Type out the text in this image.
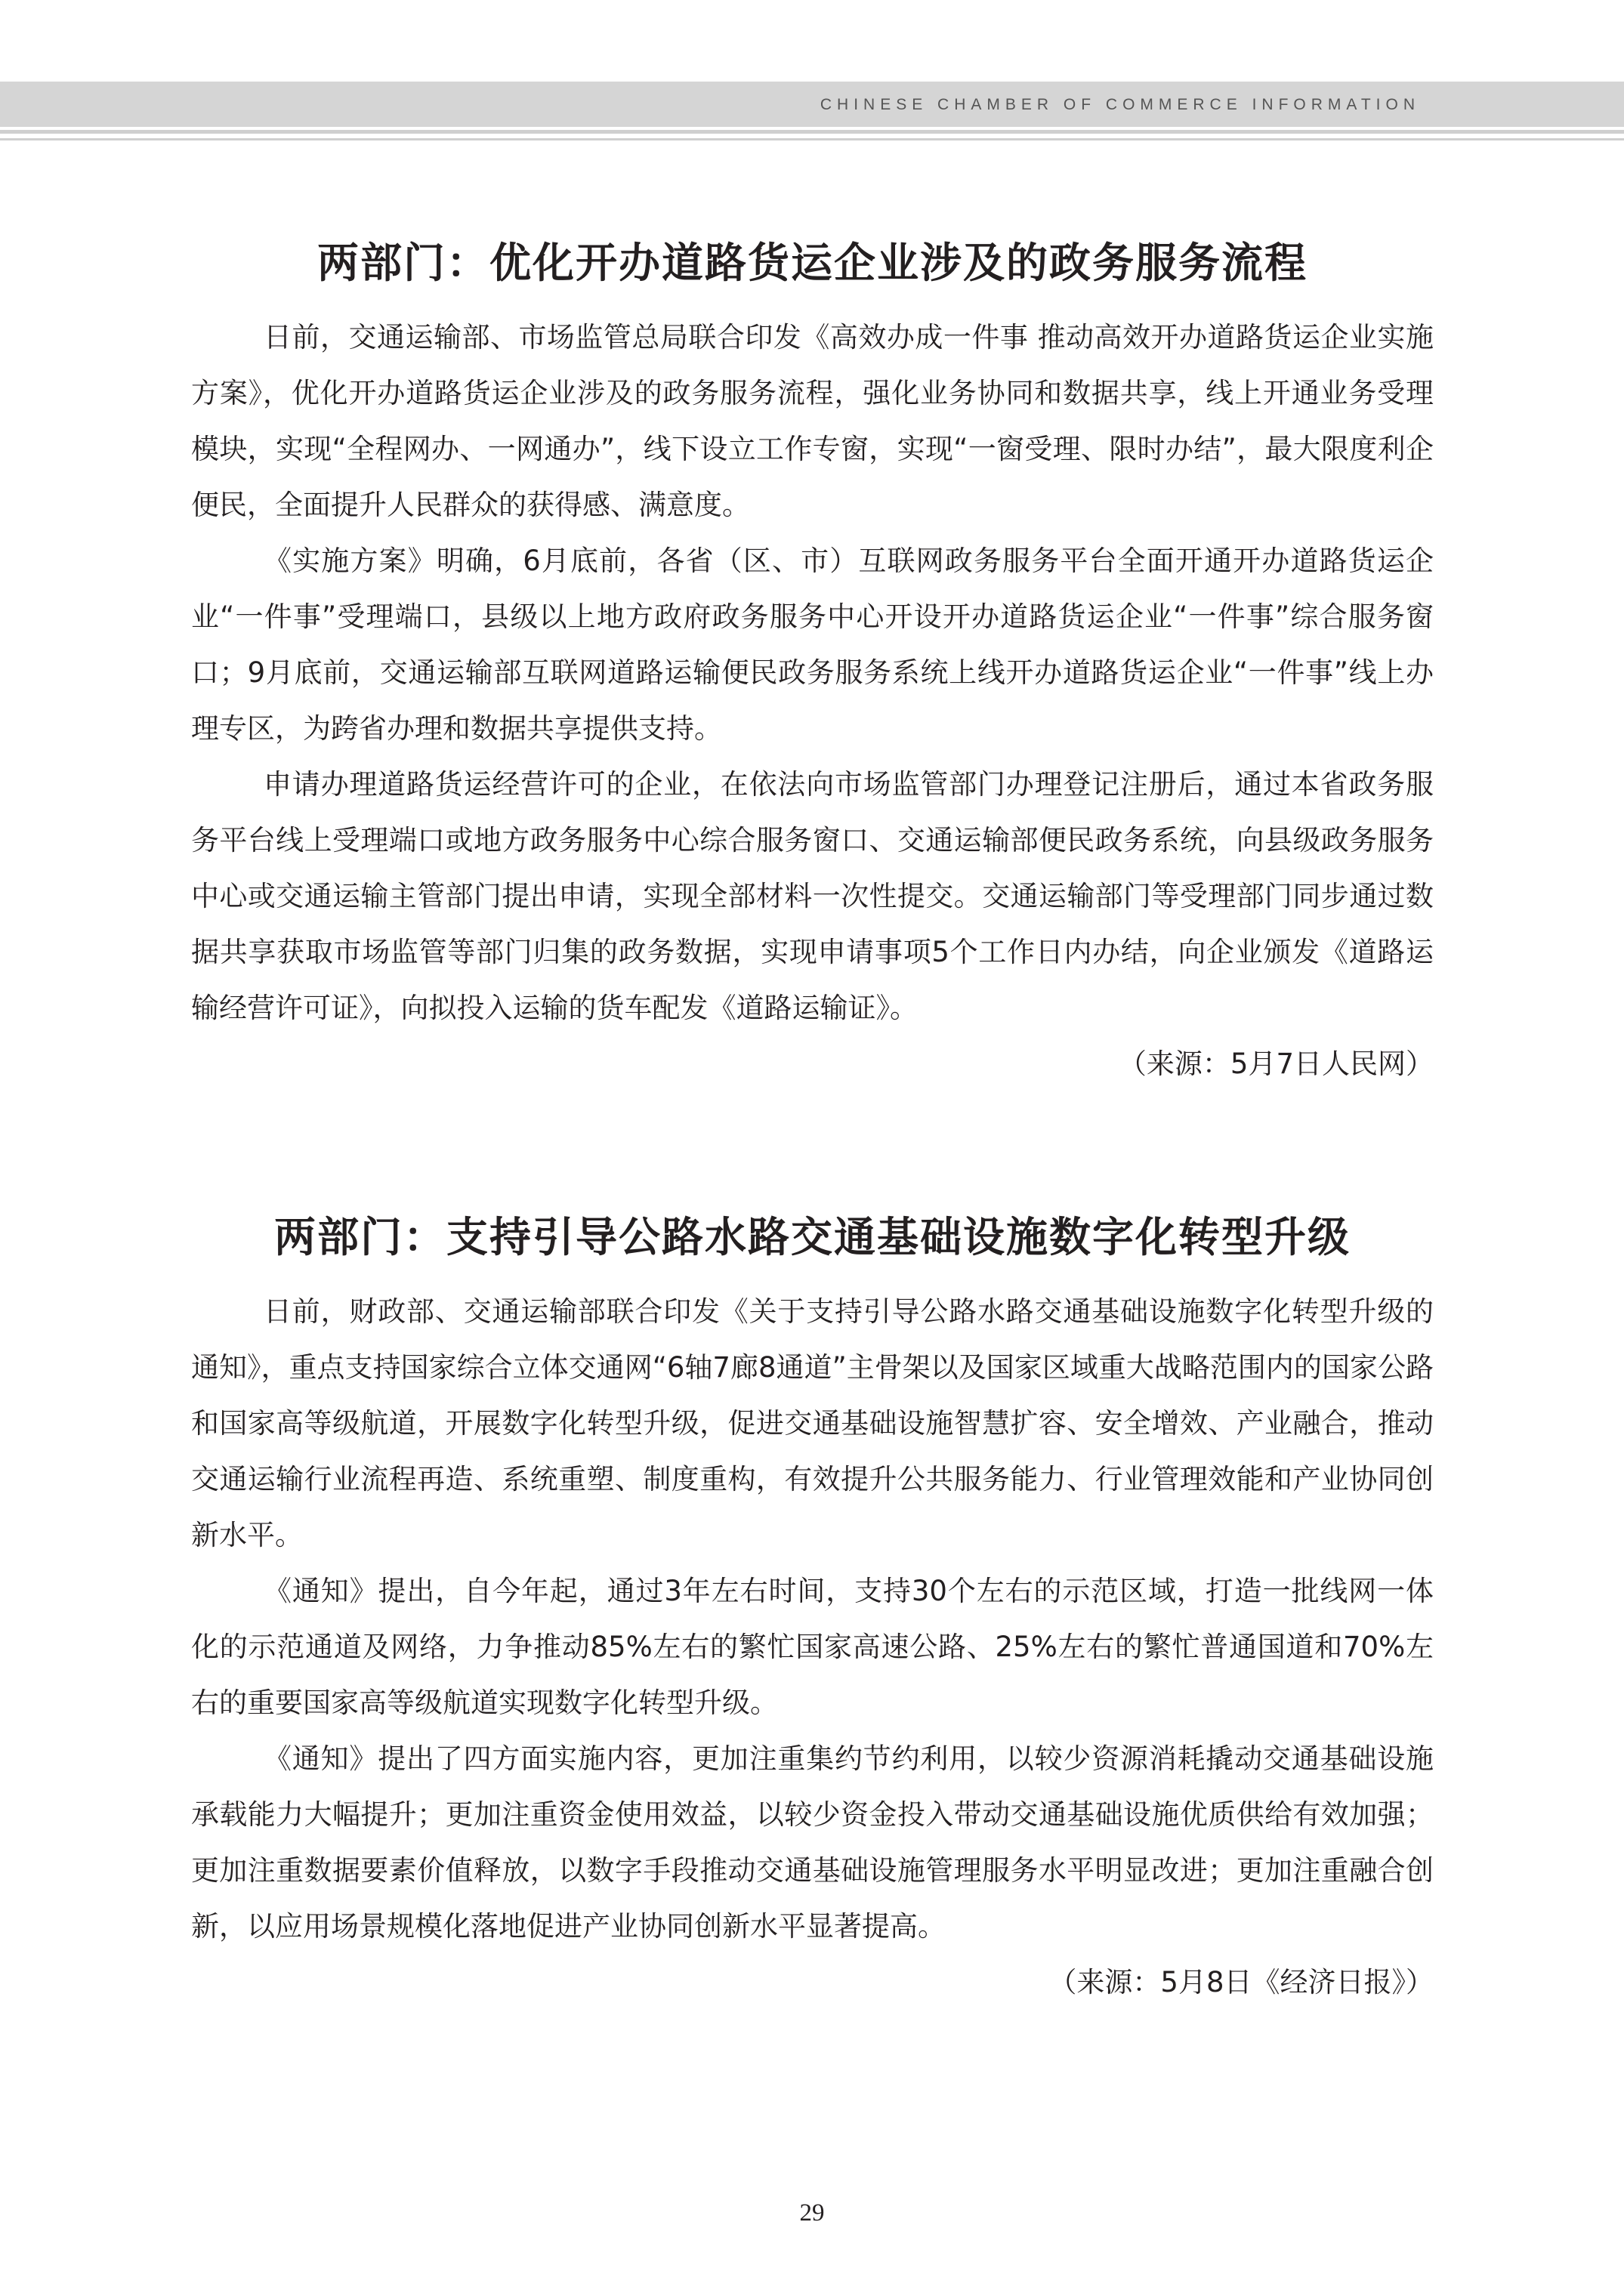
CHINESE CHAMBER OF COMMERCE INFORMATION
两部门：优化开办道路货运企业涉及的政务服务流程

日前，交通运输部、市场监管总局联合印发《高效办成一件事 推动高效开办道路货运企业实施方案》，优化开办道路货运企业涉及的政务服务流程，强化业务协同和数据共享，线上开通业务受理模块，实现“全程网办、一网通办”，线下设立工作专窗，实现“一窗受理、限时办结”，最大限度利企便民，全面提升人民群众的获得感、满意度。

《实施方案》明确，6月底前，各省（区、市）互联网政务服务平台全面开通开办道路货运企业“一件事”受理端口，县级以上地方政府政务服务中心开设开办道路货运企业“一件事”综合服务窗口；9月底前，交通运输部互联网道路运输便民政务服务系统上线开办道路货运企业“一件事”线上办理专区，为跨省办理和数据共享提供支持。

申请办理道路货运经营许可的企业，在依法向市场监管部门办理登记注册后，通过本省政务服务平台线上受理端口或地方政务服务中心综合服务窗口、交通运输部便民政务系统，向县级政务服务中心或交通运输主管部门提出申请，实现全部材料一次性提交。交通运输部门等受理部门同步通过数据共享获取市场监管等部门归集的政务数据，实现申请事项5个工作日内办结，向企业颁发《道路运输经营许可证》，向拟投入运输的货车配发《道路运输证》。

（来源：5月7日人民网）

两部门：支持引导公路水路交通基础设施数字化转型升级

日前，财政部、交通运输部联合印发《关于支持引导公路水路交通基础设施数字化转型升级的通知》，重点支持国家综合立体交通网“6轴7廊8通道”主骨架以及国家区域重大战略范围内的国家公路和国家高等级航道，开展数字化转型升级，促进交通基础设施智慧扩容、安全增效、产业融合，推动交通运输行业流程再造、系统重塑、制度重构，有效提升公共服务能力、行业管理效能和产业协同创新水平。

《通知》提出，自今年起，通过3年左右时间，支持30个左右的示范区域，打造一批线网一体化的示范通道及网络，力争推动85%左右的繁忙国家高速公路、25%左右的繁忙普通国道和70%左右的重要国家高等级航道实现数字化转型升级。

《通知》提出了四方面实施内容，更加注重集约节约利用，以较少资源消耗撬动交通基础设施承载能力大幅提升；更加注重资金使用效益，以较少资金投入带动交通基础设施优质供给有效加强；更加注重数据要素价值释放，以数字手段推动交通基础设施管理服务水平明显改进；更加注重融合创新，以应用场景规模化落地促进产业协同创新水平显著提高。

（来源：5月8日《经济日报》）

29
